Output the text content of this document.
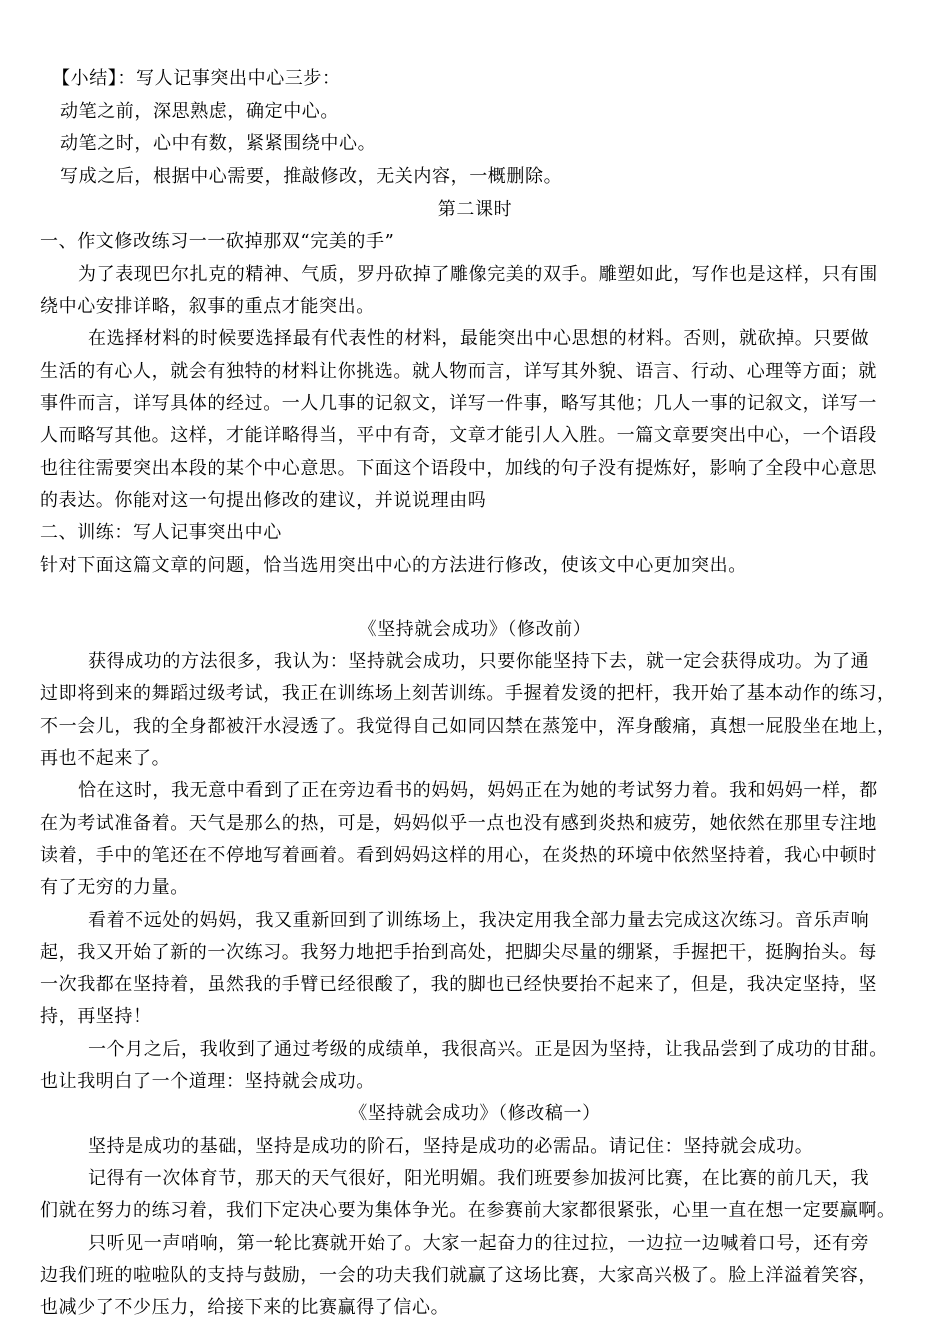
【小结】：写人记事突出中心三步：
动笔之前，深思熟虑，确定中心。
动笔之时，心中有数，紧紧围绕中心。
写成之后，根据中心需要，推敲修改，无关内容，一概删除。
第二课时
一、作文修改练习一一砍掉那双“完美的手”
为了表现巴尔扎克的精神、气质，罗丹砍掉了雕像完美的双手。雕塑如此，写作也是这样，只有围
绕中心安排详略，叙事的重点才能突出。
在选择材料的时候要选择最有代表性的材料，最能突出中心思想的材料。否则，就砍掉。只要做
生活的有心人，就会有独特的材料让你挑选。就人物而言，详写其外貌、语言、行动、心理等方面；就
事件而言，详写具体的经过。一人几事的记叙文，详写一件事，略写其他；几人一事的记叙文，详写一
人而略写其他。这样，才能详略得当，平中有奇，文章才能引人入胜。一篇文章要突出中心，一个语段
也往往需要突出本段的某个中心意思。下面这个语段中，加线的句子没有提炼好，影响了全段中心意思
的表达。你能对这一句提出修改的建议，并说说理由吗
二、训练：写人记事突出中心
针对下面这篇文章的问题，恰当选用突出中心的方法进行修改，使该文中心更加突出。
《坚持就会成功》（修改前）
获得成功的方法很多，我认为：坚持就会成功，只要你能坚持下去，就一定会获得成功。为了通
过即将到来的舞蹈过级考试，我正在训练场上刻苦训练。手握着发烫的把杆，我开始了基本动作的练习，
不一会儿，我的全身都被汗水浸透了。我觉得自己如同囚禁在蒸笼中，浑身酸痛，真想一屁股坐在地上，
再也不起来了。
恰在这时，我无意中看到了正在旁边看书的妈妈，妈妈正在为她的考试努力着。我和妈妈一样，都
在为考试准备着。天气是那么的热，可是，妈妈似乎一点也没有感到炎热和疲劳，她依然在那里专注地
读着，手中的笔还在不停地写着画着。看到妈妈这样的用心，在炎热的环境中依然坚持着，我心中顿时
有了无穷的力量。
看着不远处的妈妈，我又重新回到了训练场上，我决定用我全部力量去完成这次练习。音乐声响
起，我又开始了新的一次练习。我努力地把手抬到高处，把脚尖尽量的绷紧，手握把干，挺胸抬头。每
一次我都在坚持着，虽然我的手臂已经很酸了，我的脚也已经快要抬不起来了，但是，我决定坚持，坚
持，再坚持！
一个月之后，我收到了通过考级的成绩单，我很高兴。正是因为坚持，让我品尝到了成功的甘甜。
也让我明白了一个道理：坚持就会成功。
《坚持就会成功》（修改稿一）
坚持是成功的基础，坚持是成功的阶石，坚持是成功的必需品。请记住：坚持就会成功。
记得有一次体育节，那天的天气很好，阳光明媚。我们班要参加拔河比赛，在比赛的前几天，我
们就在努力的练习着，我们下定决心要为集体争光。在参赛前大家都很紧张，心里一直在想一定要赢啊。
只听见一声哨响，第一轮比赛就开始了。大家一起奋力的往过拉，一边拉一边喊着口号，还有旁
边我们班的啦啦队的支持与鼓励，一会的功夫我们就赢了这场比赛，大家高兴极了。脸上洋溢着笑容，
也减少了不少压力，给接下来的比赛赢得了信心。
